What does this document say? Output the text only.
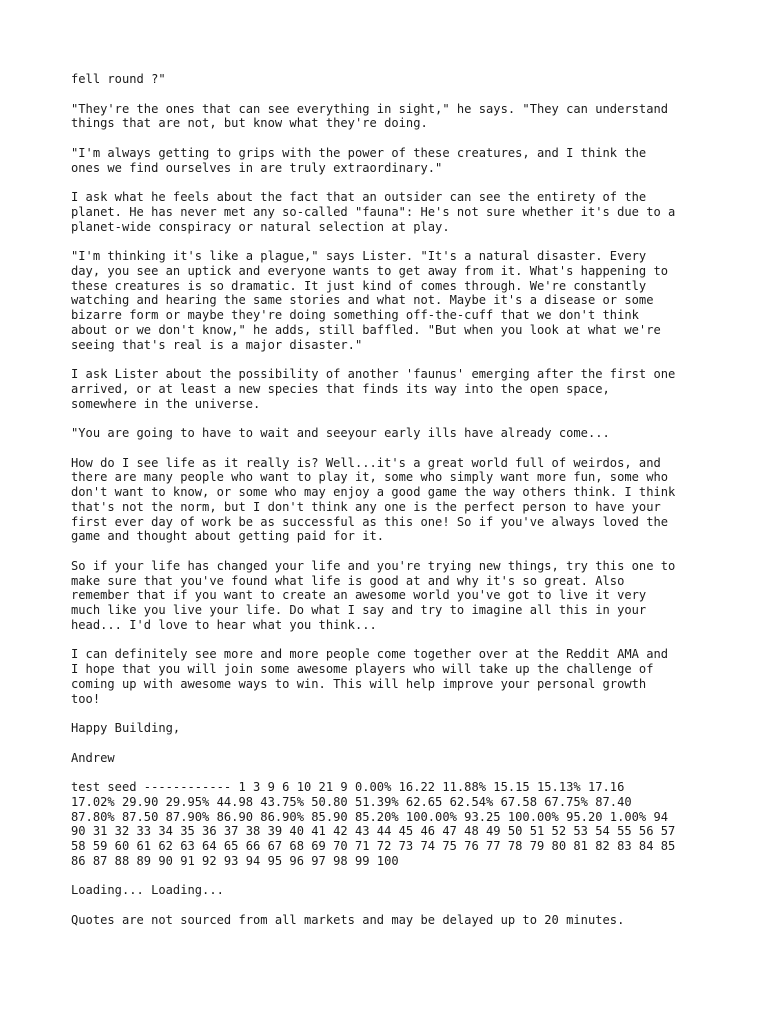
fell round ?"

"They're the ones that can see everything in sight," he says. "They can understand
things that are not, but know what they're doing.

"I'm always getting to grips with the power of these creatures, and I think the
ones we find ourselves in are truly extraordinary."

I ask what he feels about the fact that an outsider can see the entirety of the
planet. He has never met any so-called "fauna": He's not sure whether it's due to a
planet-wide conspiracy or natural selection at play.

"I'm thinking it's like a plague," says Lister. "It's a natural disaster. Every
day, you see an uptick and everyone wants to get away from it. What's happening to
these creatures is so dramatic. It just kind of comes through. We're constantly
watching and hearing the same stories and what not. Maybe it's a disease or some
bizarre form or maybe they're doing something off-the-cuff that we don't think
about or we don't know," he adds, still baffled. "But when you look at what we're
seeing that's real is a major disaster."

I ask Lister about the possibility of another 'faunus' emerging after the first one
arrived, or at least a new species that finds its way into the open space,
somewhere in the universe.

"You are going to have to wait and seeyour early ills have already come...

How do I see life as it really is? Well...it's a great world full of weirdos, and
there are many people who want to play it, some who simply want more fun, some who
don't want to know, or some who may enjoy a good game the way others think. I think
that's not the norm, but I don't think any one is the perfect person to have your
first ever day of work be as successful as this one! So if you've always loved the
game and thought about getting paid for it.

So if your life has changed your life and you're trying new things, try this one to
make sure that you've found what life is good at and why it's so great. Also
remember that if you want to create an awesome world you've got to live it very
much like you live your life. Do what I say and try to imagine all this in your
head... I'd love to hear what you think...

I can definitely see more and more people come together over at the Reddit AMA and
I hope that you will join some awesome players who will take up the challenge of
coming up with awesome ways to win. This will help improve your personal growth
too!

Happy Building,

Andrew

test seed ------------ 1 3 9 6 10 21 9 0.00% 16.22 11.88% 15.15 15.13% 17.16
17.02% 29.90 29.95% 44.98 43.75% 50.80 51.39% 62.65 62.54% 67.58 67.75% 87.40
87.80% 87.50 87.90% 86.90 86.90% 85.90 85.20% 100.00% 93.25 100.00% 95.20 1.00% 94
90 31 32 33 34 35 36 37 38 39 40 41 42 43 44 45 46 47 48 49 50 51 52 53 54 55 56 57
58 59 60 61 62 63 64 65 66 67 68 69 70 71 72 73 74 75 76 77 78 79 80 81 82 83 84 85
86 87 88 89 90 91 92 93 94 95 96 97 98 99 100

Loading... Loading...

Quotes are not sourced from all markets and may be delayed up to 20 minutes.
